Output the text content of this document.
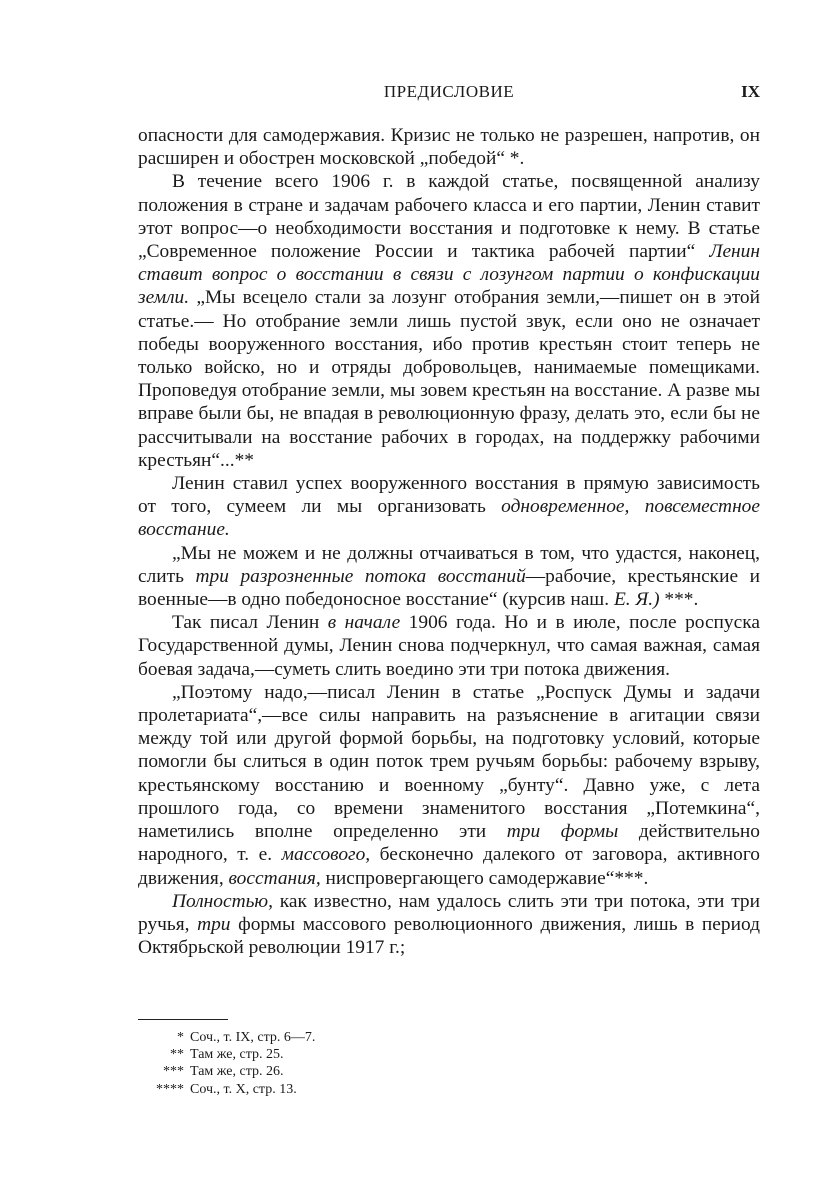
ПРЕДИСЛОВИЕ	IX

опасности для самодержавия. Кризис не только не разрешен, напротив, он расширен и обострен московской „победой“ *.

В течение всего 1906 г. в каждой статье, посвященной анализу положения в стране и задачам рабочего класса и его партии, Ленин ставит этот вопрос—о необходимости восстания и подготовке к нему. В статье „Современное положение России и тактика рабочей партии“ Ленин ставит вопрос о восстании в связи с лозунгом партии о конфискации земли. „Мы всецело стали за лозунг отобрания земли,—пишет он в этой статье.— Но отобрание земли лишь пустой звук, если оно не означает победы вооруженного восстания, ибо против крестьян стоит теперь не только войско, но и отряды добровольцев, нанимаемые помещиками. Проповедуя отобрание земли, мы зовем крестьян на восстание. А разве мы вправе были бы, не впадая в революционную фразу, делать это, если бы не рассчитывали на восстание рабочих в городах, на поддержку рабочими крестьян“...**

Ленин ставил успех вооруженного восстания в прямую зависимость от того, сумеем ли мы организовать одновременное, повсеместное восстание.

„Мы не можем и не должны отчаиваться в том, что удастся, наконец, слить три разрозненные потока восстаний—рабочие, крестьянские и военные—в одно победоносное восстание“ (курсив наш. Е. Я.) ***.

Так писал Ленин в начале 1906 года. Но и в июле, после роспуска Государственной думы, Ленин снова подчеркнул, что самая важная, самая боевая задача,—суметь слить воедино эти три потока движения.

„Поэтому надо,—писал Ленин в статье „Роспуск Думы и задачи пролетариата“,—все силы направить на разъяснение в агитации связи между той или другой формой борьбы, на подготовку условий, которые помогли бы слиться в один поток трем ручьям борьбы: рабочему взрыву, крестьянскому восстанию и военному „бунту“. Давно уже, с лета прошлого года, со времени знаменитого восстания „Потемкина“, наметились вполне определенно эти три формы действительно народного, т. е. массового, бесконечно далекого от заговора, активного движения, восстания, ниспровергающего самодержавие“***.

Полностью, как известно, нам удалось слить эти три потока, эти три ручья, три формы массового революционного движения, лишь в период Октябрьской революции 1917 г.;

* Соч., т. IX, стр. 6—7.
** Там же, стр. 25.
*** Там же, стр. 26.
**** Соч., т. X, стр. 13.
